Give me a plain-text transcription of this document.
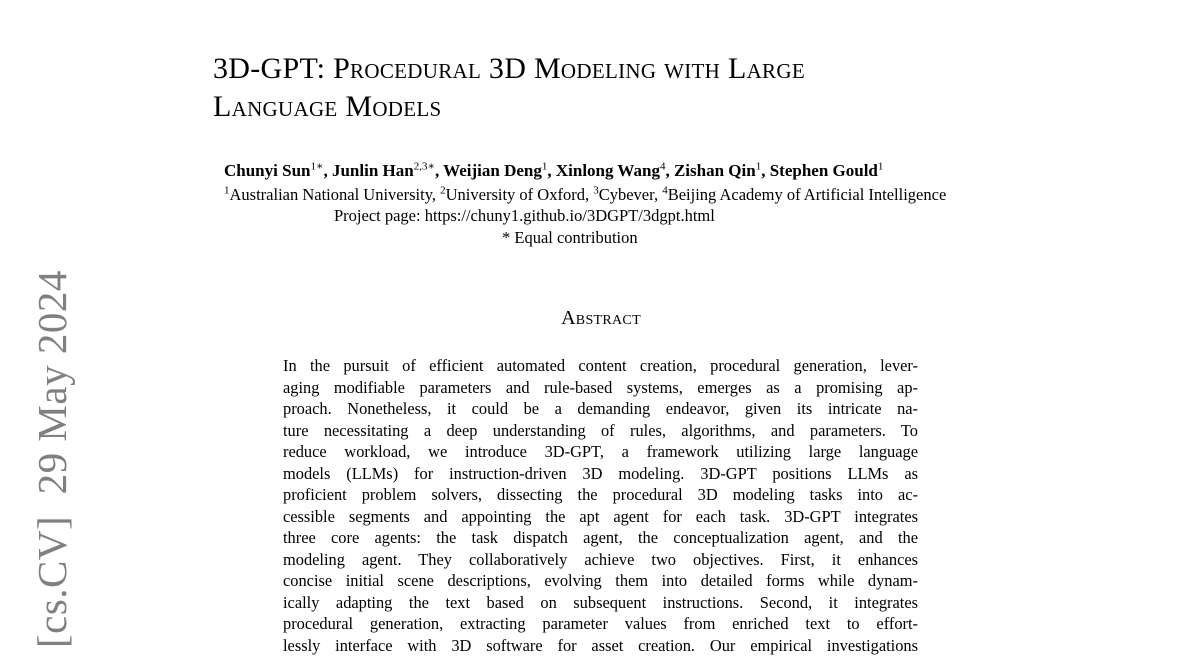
[cs.CV]  29 May 2024
3D-GPT: Procedural 3D Modeling with Large
Language Models
Chunyi Sun$^{1∗}$, Junlin Han$^{2,3∗}$, Weijian Deng$^1$, Xinlong Wang$^4$, Zishan Qin$^1$, Stephen Gould$^1$
$^1$Australian National University, $^2$University of Oxford, $^3$Cybever, $^4$Beijing Academy of Artificial Intelligence
Project page: https://chuny1.github.io/3DGPT/3dgpt.html
* Equal contribution
Abstract
In the pursuit of efficient automated content creation, procedural generation, lever-
aging modifiable parameters and rule-based systems, emerges as a promising ap-
proach. Nonetheless, it could be a demanding endeavor, given its intricate na-
ture necessitating a deep understanding of rules, algorithms, and parameters. To
reduce workload, we introduce 3D-GPT, a framework utilizing large language
models (LLMs) for instruction-driven 3D modeling. 3D-GPT positions LLMs as
proficient problem solvers, dissecting the procedural 3D modeling tasks into ac-
cessible segments and appointing the apt agent for each task. 3D-GPT integrates
three core agents: the task dispatch agent, the conceptualization agent, and the
modeling agent. They collaboratively achieve two objectives. First, it enhances
concise initial scene descriptions, evolving them into detailed forms while dynam-
ically adapting the text based on subsequent instructions. Second, it integrates
procedural generation, extracting parameter values from enriched text to effort-
lessly interface with 3D software for asset creation. Our empirical investigations
